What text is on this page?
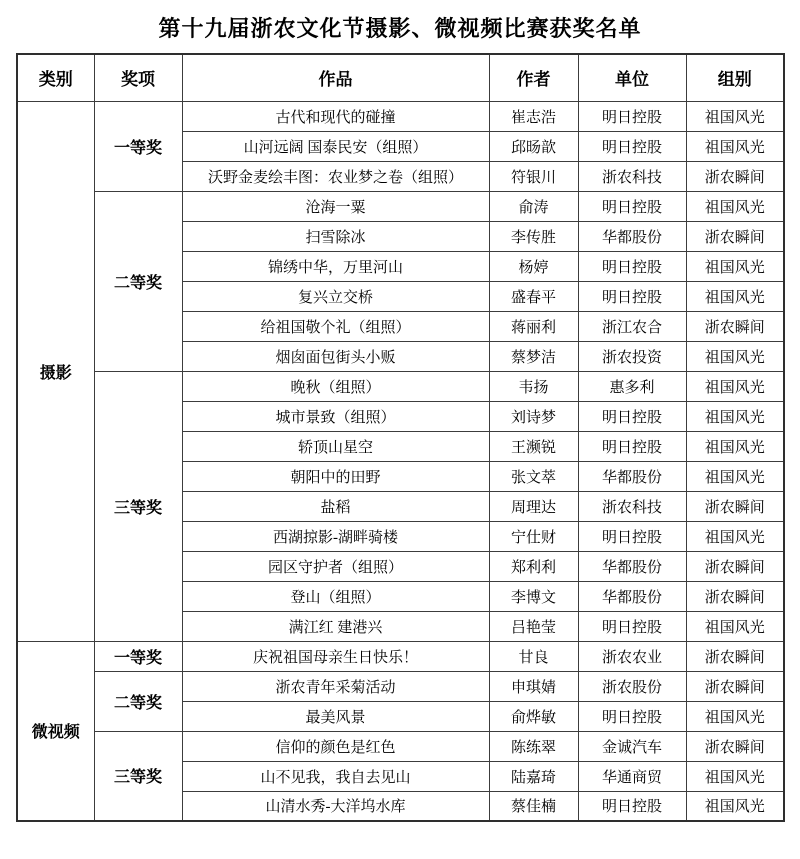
第十九届浙农文化节摄影、微视频比赛获奖名单
类别	奖项	作品	作者	单位	组别
摄影	一等奖	古代和现代的碰撞	崔志浩	明日控股	祖国风光
		山河远阔 国泰民安（组照）	邱旸歆	明日控股	祖国风光
		沃野金麦绘丰图：农业梦之卷（组照）	符银川	浙农科技	浙农瞬间
	二等奖	沧海一粟	俞涛	明日控股	祖国风光
		扫雪除冰	李传胜	华都股份	浙农瞬间
		锦绣中华，万里河山	杨婷	明日控股	祖国风光
		复兴立交桥	盛春平	明日控股	祖国风光
		给祖国敬个礼（组照）	蒋丽利	浙江农合	浙农瞬间
		烟囱面包街头小贩	蔡梦洁	浙农投资	祖国风光
	三等奖	晚秋（组照）	韦扬	惠多利	祖国风光
		城市景致（组照）	刘诗梦	明日控股	祖国风光
		轿顶山星空	王濒锐	明日控股	祖国风光
		朝阳中的田野	张文萃	华都股份	祖国风光
		盐稻	周理达	浙农科技	浙农瞬间
		西湖掠影-湖畔骑楼	宁仕财	明日控股	祖国风光
		园区守护者（组照）	郑利利	华都股份	浙农瞬间
		登山（组照）	李博文	华都股份	浙农瞬间
		满江红 建港兴	吕艳莹	明日控股	祖国风光
微视频	一等奖	庆祝祖国母亲生日快乐！	甘良	浙农农业	浙农瞬间
	二等奖	浙农青年采菊活动	申琪婧	浙农股份	浙农瞬间
		最美风景	俞烨敏	明日控股	祖国风光
	三等奖	信仰的颜色是红色	陈练翠	金诚汽车	浙农瞬间
		山不见我，我自去见山	陆嘉琦	华通商贸	祖国风光
		山清水秀-大洋坞水库	蔡佳楠	明日控股	祖国风光
